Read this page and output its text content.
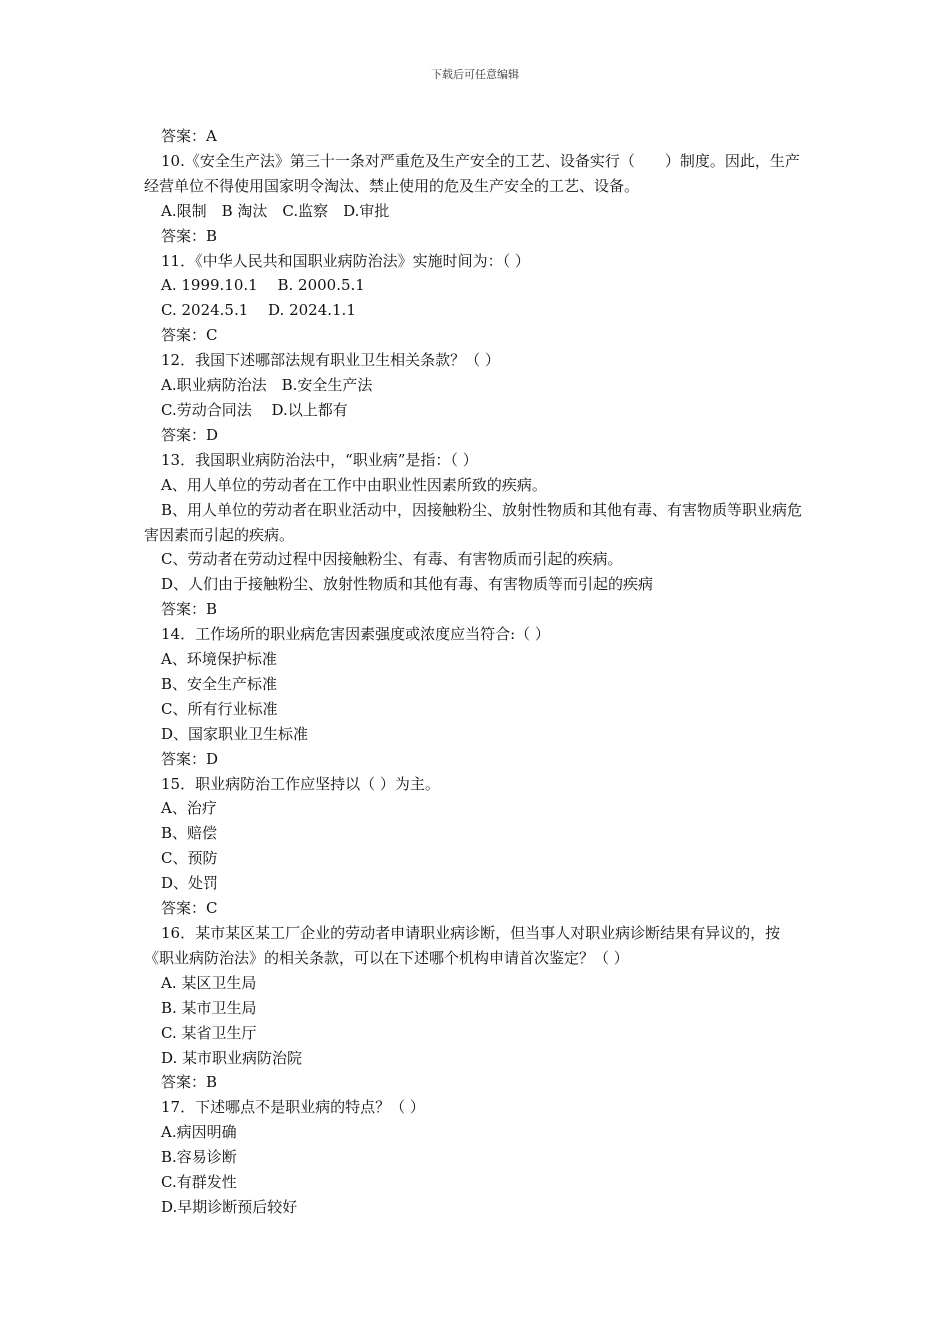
下载后可任意编辑
答案：A
10.《安全生产法》第三十一条对严重危及生产安全的工艺、设备实行（　　）制度。因此，生产经营单位不得使用国家明令淘汰、禁止使用的危及生产安全的工艺、设备。
A.限制　B 淘汰　C.监察　D.审批
答案：B
11．《中华人民共和国职业病防治法》实施时间为：（ ）
A. 1999.10.1　 B. 2000.5.1
C. 2024.5.1　 D. 2024.1.1
答案：C
12．我国下述哪部法规有职业卫生相关条款？（ ）
A.职业病防治法　B.安全生产法
C.劳动合同法　 D.以上都有
答案：D
13．我国职业病防治法中，“职业病”是指：（ ）
A、用人单位的劳动者在工作中由职业性因素所致的疾病。
B、用人单位的劳动者在职业活动中，因接触粉尘、放射性物质和其他有毒、有害物质等职业病危害因素而引起的疾病。
C、劳动者在劳动过程中因接触粉尘、有毒、有害物质而引起的疾病。
D、人们由于接触粉尘、放射性物质和其他有毒、有害物质等而引起的疾病
答案：B
14．工作场所的职业病危害因素强度或浓度应当符合:（ ）
A、环境保护标准
B、安全生产标准
C、所有行业标准
D、国家职业卫生标准
答案：D
15．职业病防治工作应坚持以（ ）为主。
A、治疗
B、赔偿
C、预防
D、处罚
答案：C
16．某市某区某工厂企业的劳动者申请职业病诊断，但当事人对职业病诊断结果有异议的，按《职业病防治法》的相关条款，可以在下述哪个机构申请首次鉴定？（ ）
A. 某区卫生局
B. 某市卫生局
C. 某省卫生厅
D. 某市职业病防治院
答案：B
17．下述哪点不是职业病的特点？（ ）
A.病因明确
B.容易诊断
C.有群发性
D.早期诊断预后较好
